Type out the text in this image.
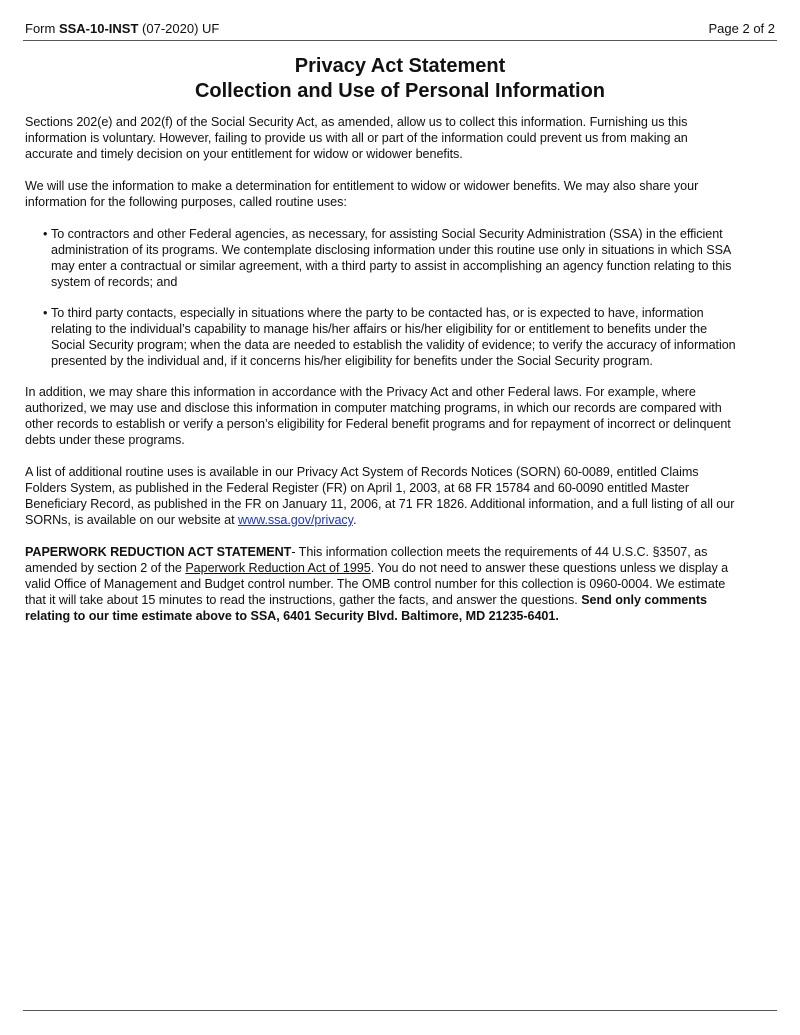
Form SSA-10-INST (07-2020) UF	Page 2 of 2
Privacy Act Statement
Collection and Use of Personal Information
Sections 202(e) and 202(f) of the Social Security Act, as amended, allow us to collect this information. Furnishing us this
information is voluntary. However, failing to provide us with all or part of the information could prevent us from making an
accurate and timely decision on your entitlement for widow or widower benefits.
We will use the information to make a determination for entitlement to widow or widower benefits. We may also share your
information for the following purposes, called routine uses:
• To contractors and other Federal agencies, as necessary, for assisting Social Security Administration (SSA) in the efficient
administration of its programs. We contemplate disclosing information under this routine use only in situations in which SSA
may enter a contractual or similar agreement, with a third party to assist in accomplishing an agency function relating to this
system of records; and
• To third party contacts, especially in situations where the party to be contacted has, or is expected to have, information
relating to the individual’s capability to manage his/her affairs or his/her eligibility for or entitlement to benefits under the
Social Security program; when the data are needed to establish the validity of evidence; to verify the accuracy of information
presented by the individual and, if it concerns his/her eligibility for benefits under the Social Security program.
In addition, we may share this information in accordance with the Privacy Act and other Federal laws. For example, where
authorized, we may use and disclose this information in computer matching programs, in which our records are compared with
other records to establish or verify a person’s eligibility for Federal benefit programs and for repayment of incorrect or delinquent
debts under these programs.
A list of additional routine uses is available in our Privacy Act System of Records Notices (SORN) 60-0089, entitled Claims
Folders System, as published in the Federal Register (FR) on April 1, 2003, at 68 FR 15784 and 60-0090 entitled Master
Beneficiary Record, as published in the FR on January 11, 2006, at 71 FR 1826. Additional information, and a full listing of all our
SORNs, is available on our website at www.ssa.gov/privacy.
PAPERWORK REDUCTION ACT STATEMENT- This information collection meets the requirements of 44 U.S.C. §3507, as
amended by section 2 of the Paperwork Reduction Act of 1995. You do not need to answer these questions unless we display a
valid Office of Management and Budget control number. The OMB control number for this collection is 0960-0004. We estimate
that it will take about 15 minutes to read the instructions, gather the facts, and answer the questions. Send only comments
relating to our time estimate above to SSA, 6401 Security Blvd. Baltimore, MD 21235-6401.
